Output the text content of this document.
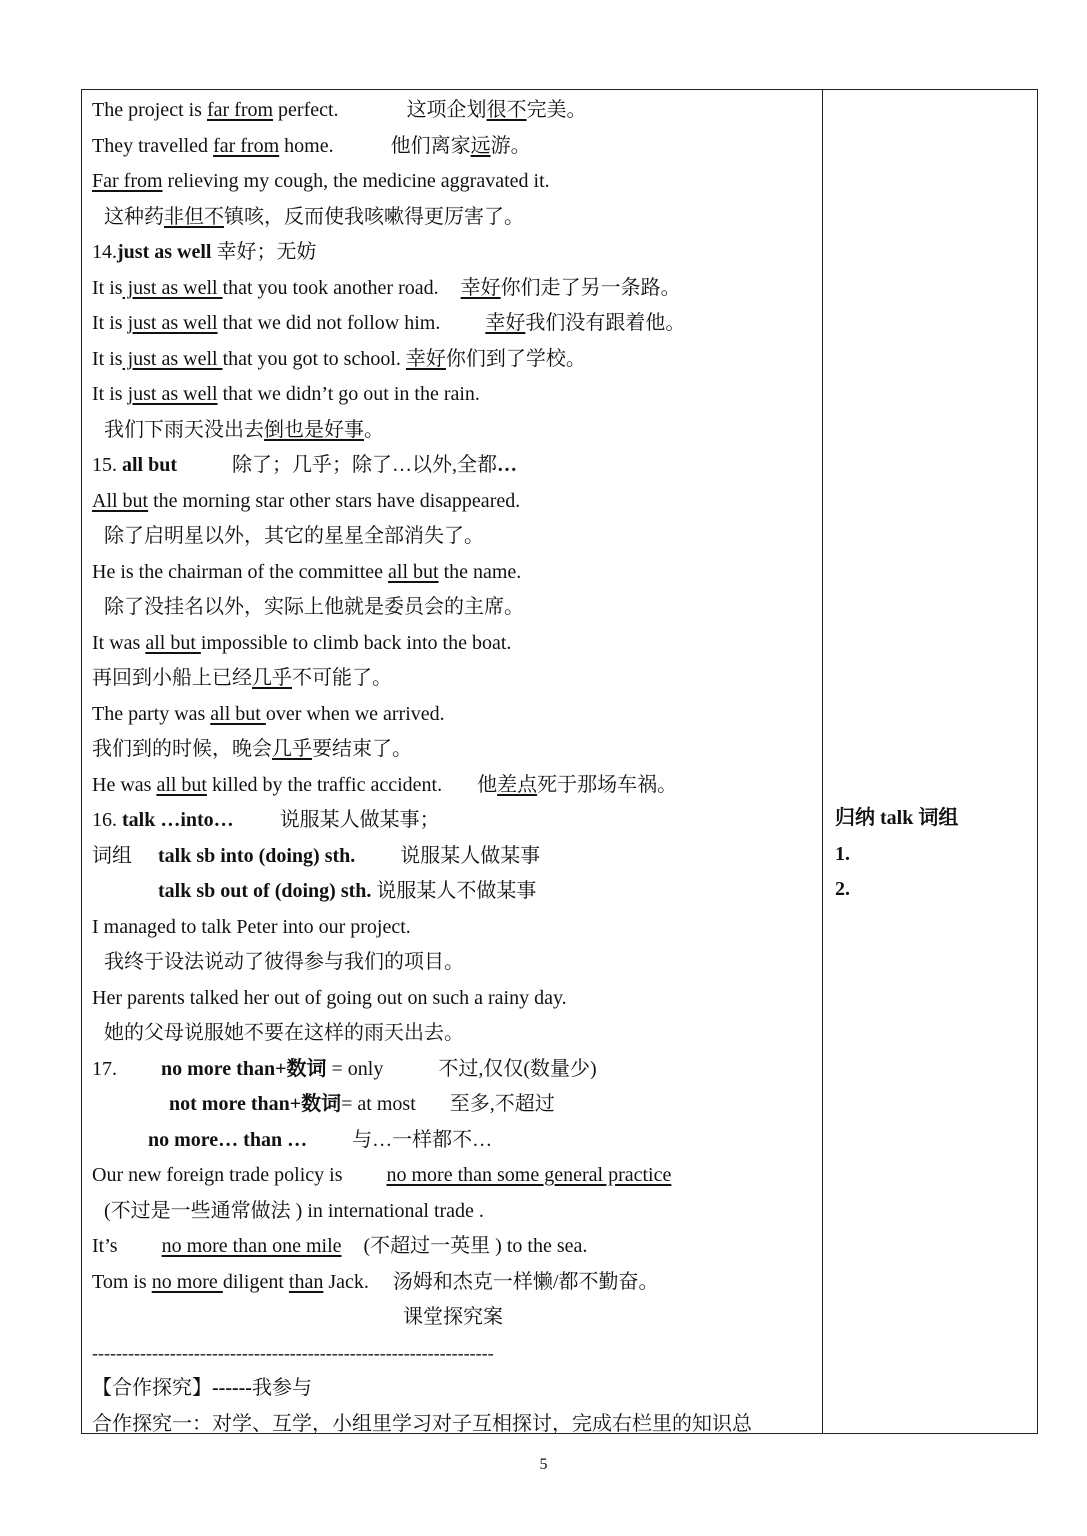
The project is far from perfect.	这项企划很不完美。
They travelled far from home.	他们离家远游。
Far from relieving my cough, the medicine aggravated it.
这种药非但不镇咳，反而使我咳嗽得更厉害了。
14.just as well 幸好；无妨
It is just as well that you took another road. 幸好你们走了另一条路。
It is just as well that we did not follow him. 幸好我们没有跟着他。
It is just as well that you got to school. 幸好你们到了学校。
It is just as well that we didn’t go out in the rain.
我们下雨天没出去倒也是好事。
15. all but	除了；几乎；除了…以外,全都…
All but the morning star other stars have disappeared.
除了启明星以外，其它的星星全部消失了。
He is the chairman of the committee all but the name.
除了没挂名以外，实际上他就是委员会的主席。
It was all but impossible to climb back into the boat.
再回到小船上已经几乎不可能了。
The party was all but over when we arrived.
我们到的时候，晚会几乎要结束了。
He was all but killed by the traffic accident. 他差点死于那场车祸。
16. talk …into… 说服某人做某事；
词组 talk sb into (doing) sth. 说服某人做某事
talk sb out of (doing) sth. 说服某人不做某事
I managed to talk Peter into our project.
我终于设法说动了彼得参与我们的项目。
Her parents talked her out of going out on such a rainy day.
她的父母说服她不要在这样的雨天出去。
17. no more than+数词 = only	不过,仅仅(数量少)
not more than+数词= at most 至多,不超过
no more… than … 与…一样都不…
Our new foreign trade policy is no more than some general practice
(不过是一些通常做法 ) in international trade .
It’s no more than one mile (不超过一英里 ) to the sea.
Tom is no more diligent than Jack. 汤姆和杰克一样懒/都不勤奋。
课堂探究案
-------------------------------------------------------------------
【合作探究】------我参与
合作探究一：对学、互学，小组里学习对子互相探讨，完成右栏里的知识总
归纳 talk 词组
1.
2.
5
